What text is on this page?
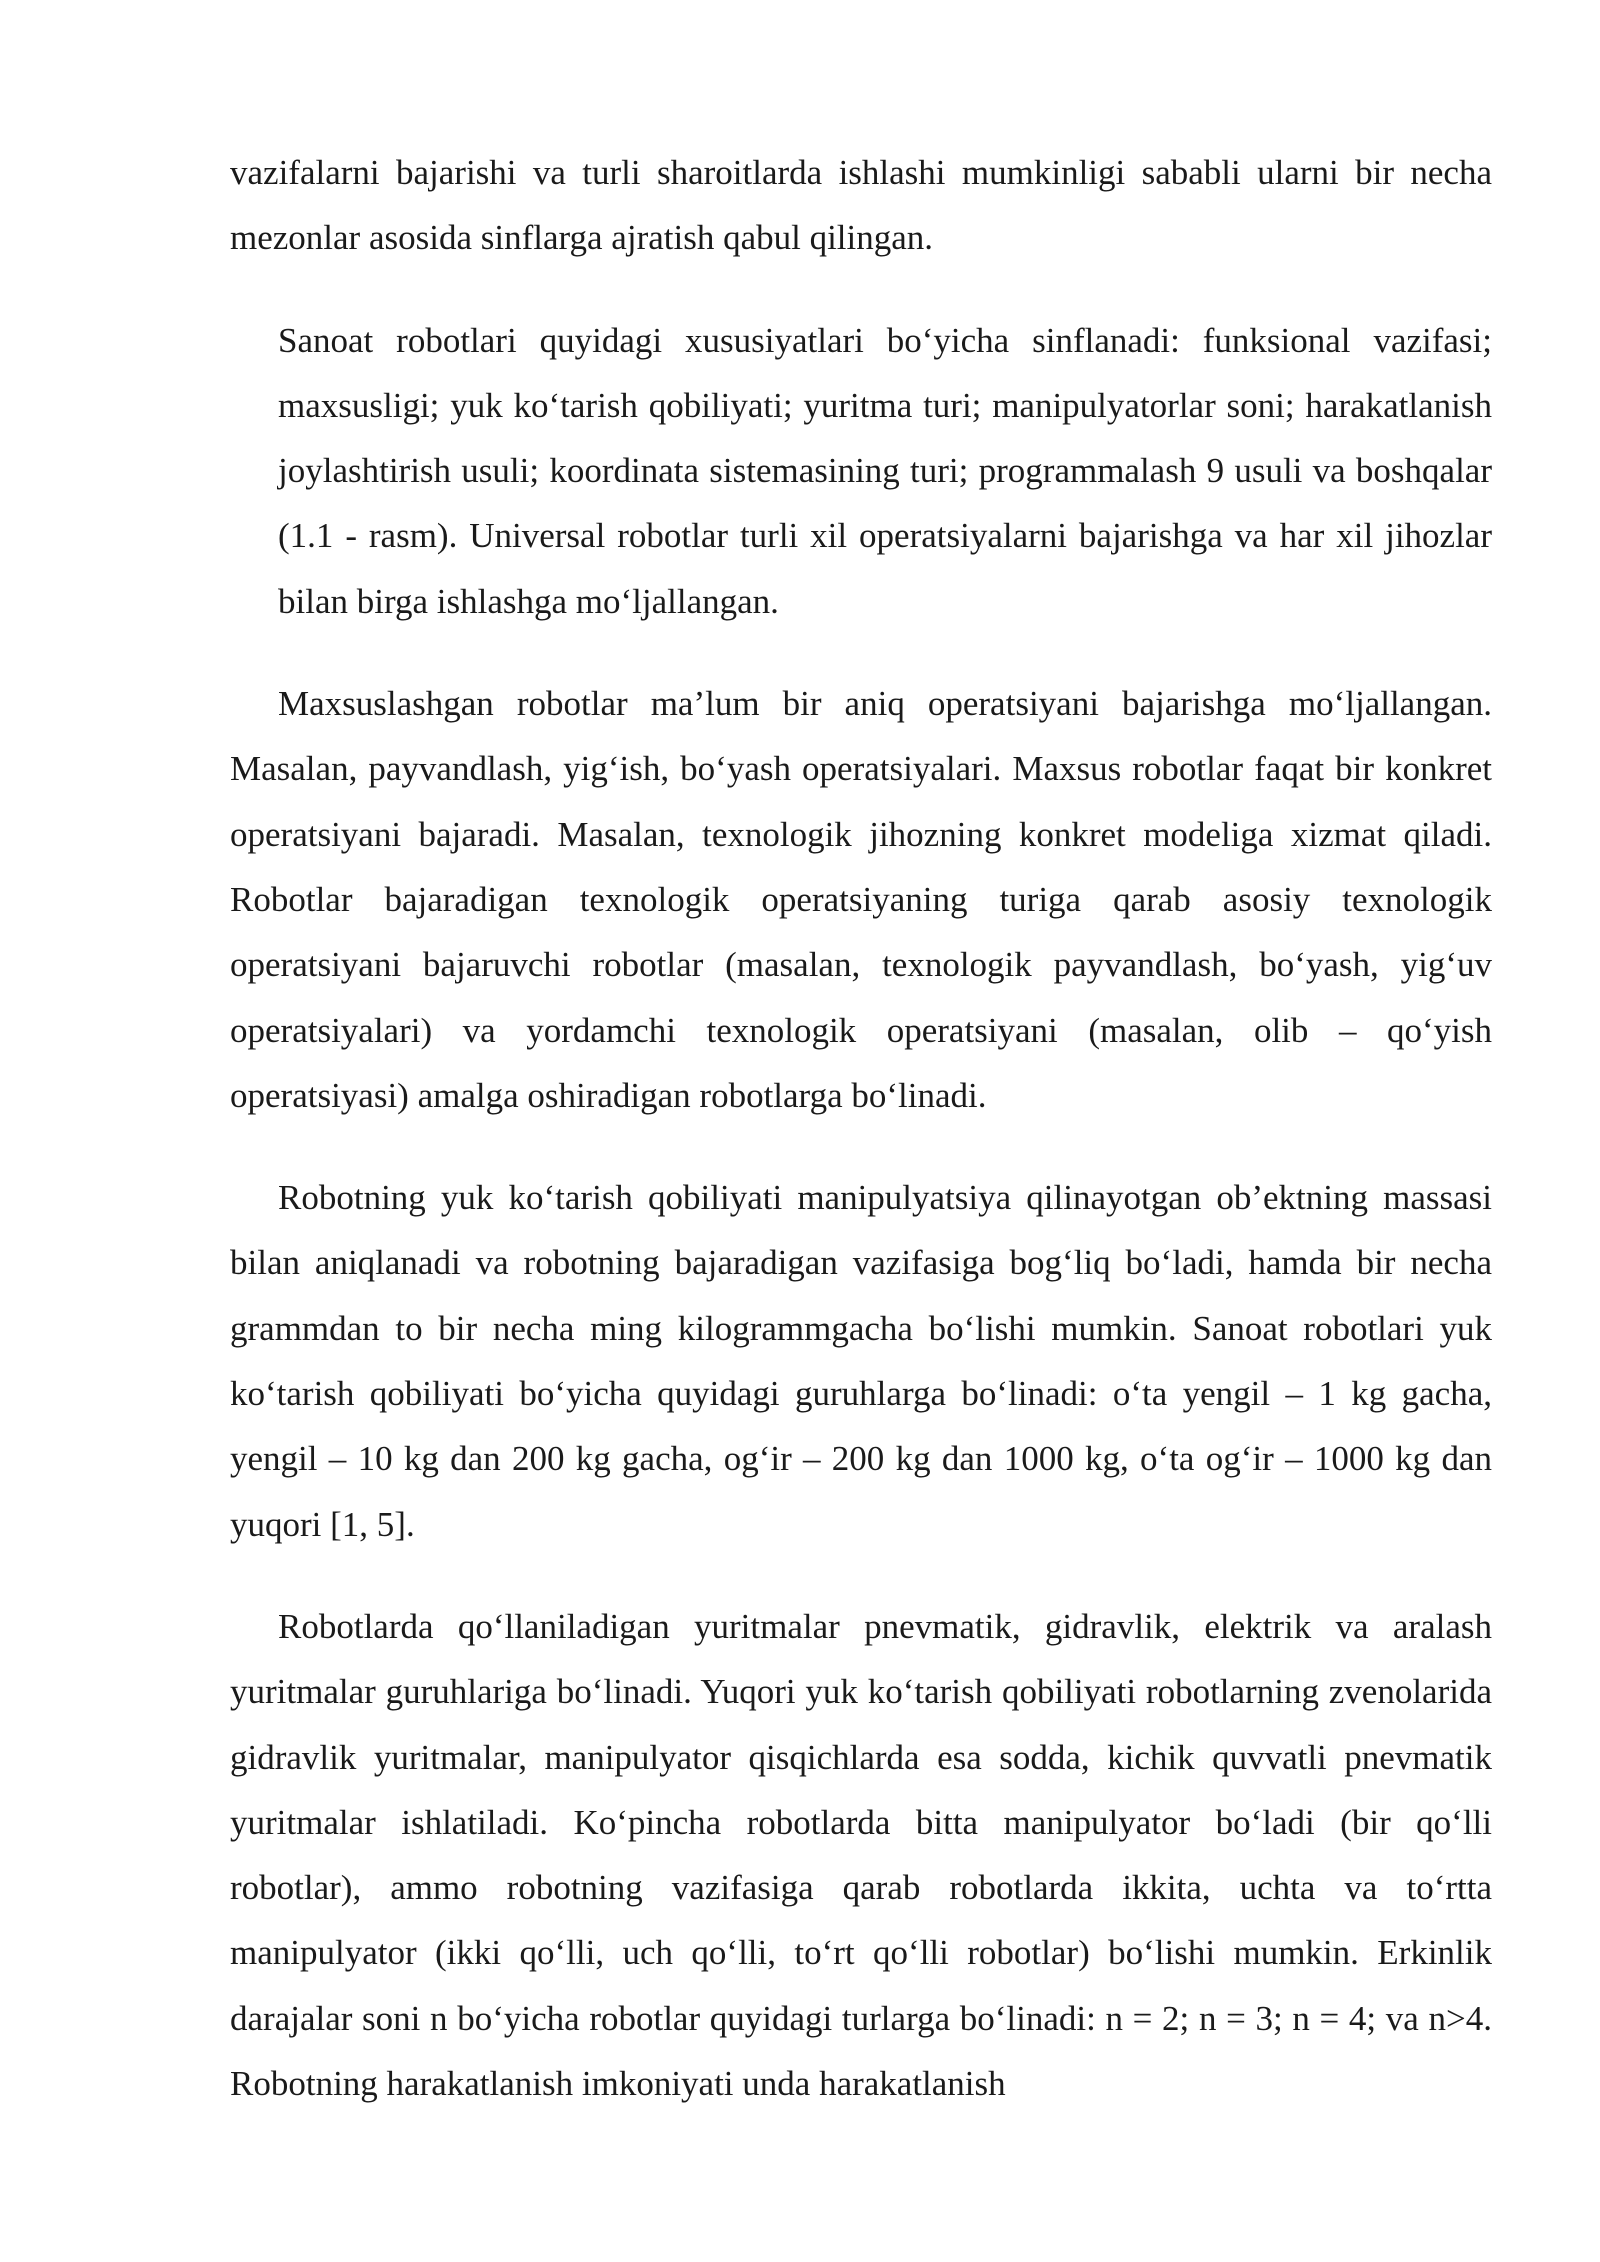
vazifalarni bajarishi va turli sharoitlarda ishlashi mumkinligi sababli ularni bir necha mezonlar asosida sinflarga ajratish qabul qilingan.

Sanoat robotlari quyidagi xususiyatlari bo‘yicha sinflanadi: funksional vazifasi; maxsusligi; yuk ko‘tarish qobiliyati; yuritma turi; manipulyatorlar soni; harakatlanish joylashtirish usuli; koordinata sistemasining turi; programmalash 9 usuli va boshqalar (1.1 - rasm). Universal robotlar turli xil operatsiyalarni bajarishga va har xil jihozlar bilan birga ishlashga mo‘ljallangan.

Maxsuslashgan robotlar ma’lum bir aniq operatsiyani bajarishga mo‘ljallangan. Masalan, payvandlash, yig‘ish, bo‘yash operatsiyalari. Maxsus robotlar faqat bir konkret operatsiyani bajaradi. Masalan, texnologik jihozning konkret modeliga xizmat qiladi. Robotlar bajaradigan texnologik operatsiyaning turiga qarab asosiy texnologik operatsiyani bajaruvchi robotlar (masalan, texnologik payvandlash, bo‘yash, yig‘uv operatsiyalari) va yordamchi texnologik operatsiyani (masalan, olib – qo‘yish operatsiyasi) amalga oshiradigan robotlarga bo‘linadi.

Robotning yuk ko‘tarish qobiliyati manipulyatsiya qilinayotgan ob’ektning massasi bilan aniqlanadi va robotning bajaradigan vazifasiga bog‘liq bo‘ladi, hamda bir necha grammdan to bir necha ming kilogrammgacha bo‘lishi mumkin. Sanoat robotlari yuk ko‘tarish qobiliyati bo‘yicha quyidagi guruhlarga bo‘linadi: o‘ta yengil – 1 kg gacha, yengil – 10 kg dan 200 kg gacha, og‘ir – 200 kg dan 1000 kg, o‘ta og‘ir – 1000 kg dan yuqori [1, 5].

Robotlarda qo‘llaniladigan yuritmalar pnevmatik, gidravlik, elektrik va aralash yuritmalar guruhlariga bo‘linadi. Yuqori yuk ko‘tarish qobiliyati robotlarning zvenolarida gidravlik yuritmalar, manipulyator qisqichlarda esa sodda, kichik quvvatli pnevmatik yuritmalar ishlatiladi. Ko‘pincha robotlarda bitta manipulyator bo‘ladi (bir qo‘lli robotlar), ammo robotning vazifasiga qarab robotlarda ikkita, uchta va to‘rtta manipulyator (ikki qo‘lli, uch qo‘lli, to‘rt qo‘lli robotlar) bo‘lishi mumkin. Erkinlik darajalar soni n bo‘yicha robotlar quyidagi turlarga bo‘linadi: n = 2; n = 3; n = 4; va n>4. Robotning harakatlanish imkoniyati unda harakatlanish
